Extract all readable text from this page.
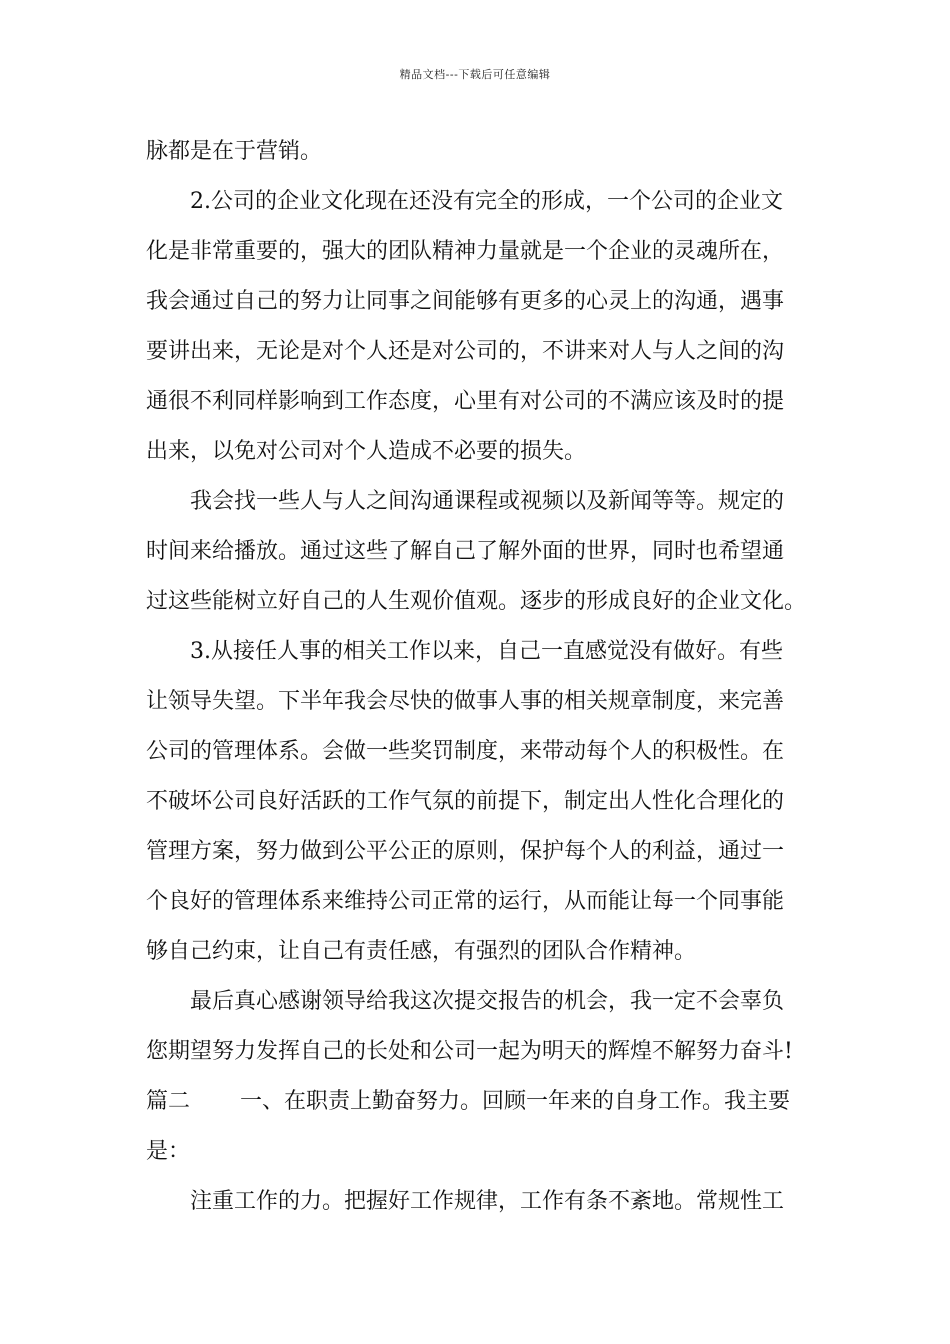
精品文档---下载后可任意编辑
脉都是在于营销。
2.公司的企业文化现在还没有完全的形成，一个公司的企业文
化是非常重要的，强大的团队精神力量就是一个企业的灵魂所在，
我会通过自己的努力让同事之间能够有更多的心灵上的沟通，遇事
要讲出来，无论是对个人还是对公司的，不讲来对人与人之间的沟
通很不利同样影响到工作态度，心里有对公司的不满应该及时的提
出来，以免对公司对个人造成不必要的损失。
我会找一些人与人之间沟通课程或视频以及新闻等等。规定的
时间来给播放。通过这些了解自己了解外面的世界，同时也希望通
过这些能树立好自己的人生观价值观。逐步的形成良好的企业文化。
3.从接任人事的相关工作以来，自己一直感觉没有做好。有些
让领导失望。下半年我会尽快的做事人事的相关规章制度，来完善
公司的管理体系。会做一些奖罚制度，来带动每个人的积极性。在
不破坏公司良好活跃的工作气氛的前提下，制定出人性化合理化的
管理方案，努力做到公平公正的原则，保护每个人的利益，通过一
个良好的管理体系来维持公司正常的运行，从而能让每一个同事能
够自己约束，让自己有责任感，有强烈的团队合作精神。
最后真心感谢领导给我这次提交报告的机会，我一定不会辜负
您期望努力发挥自己的长处和公司一起为明天的辉煌不解努力奋斗!
篇二 一、在职责上勤奋努力。回顾一年来的自身工作。我主要
是：
注重工作的力。把握好工作规律，工作有条不紊地。常规性工
